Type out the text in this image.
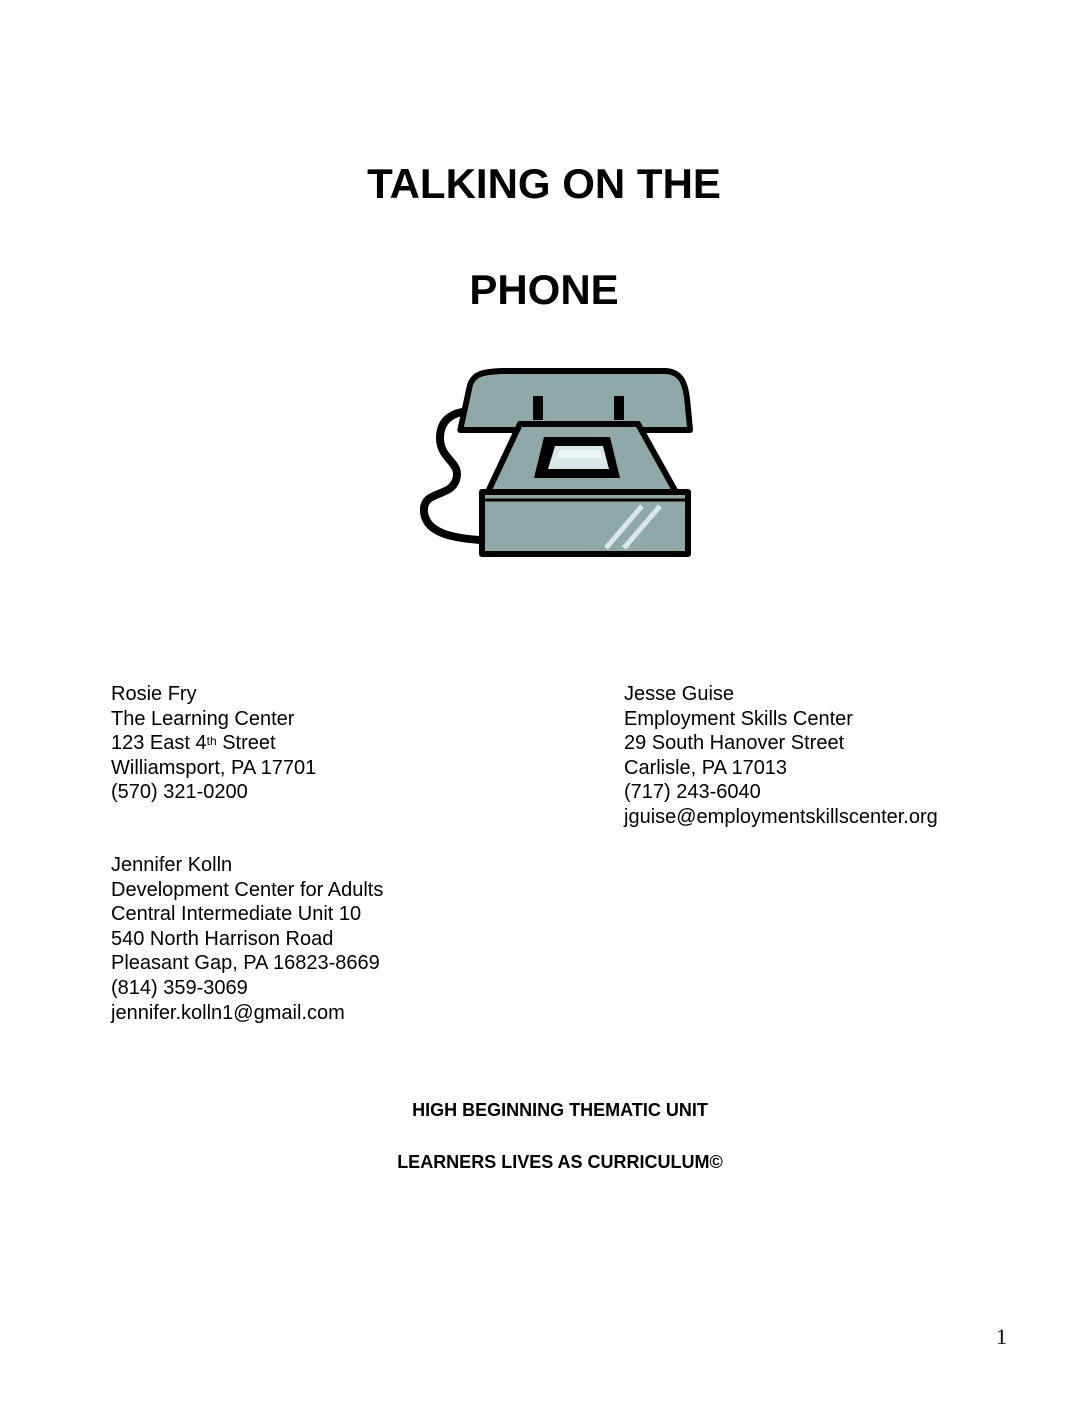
TALKING ON THE
PHONE
Rosie Fry
The Learning Center
123 East 4th Street
Williamsport, PA 17701
(570) 321-0200
Jesse Guise
Employment Skills Center
29 South Hanover Street
Carlisle, PA 17013
(717) 243-6040
jguise@employmentskillscenter.org
Jennifer Kolln
Development Center for Adults
Central Intermediate Unit 10
540 North Harrison Road
Pleasant Gap, PA 16823-8669
(814) 359-3069
jennifer.kolln1@gmail.com

HIGH BEGINNING THEMATIC UNIT

LEARNERS LIVES AS CURRICULUM©

1
